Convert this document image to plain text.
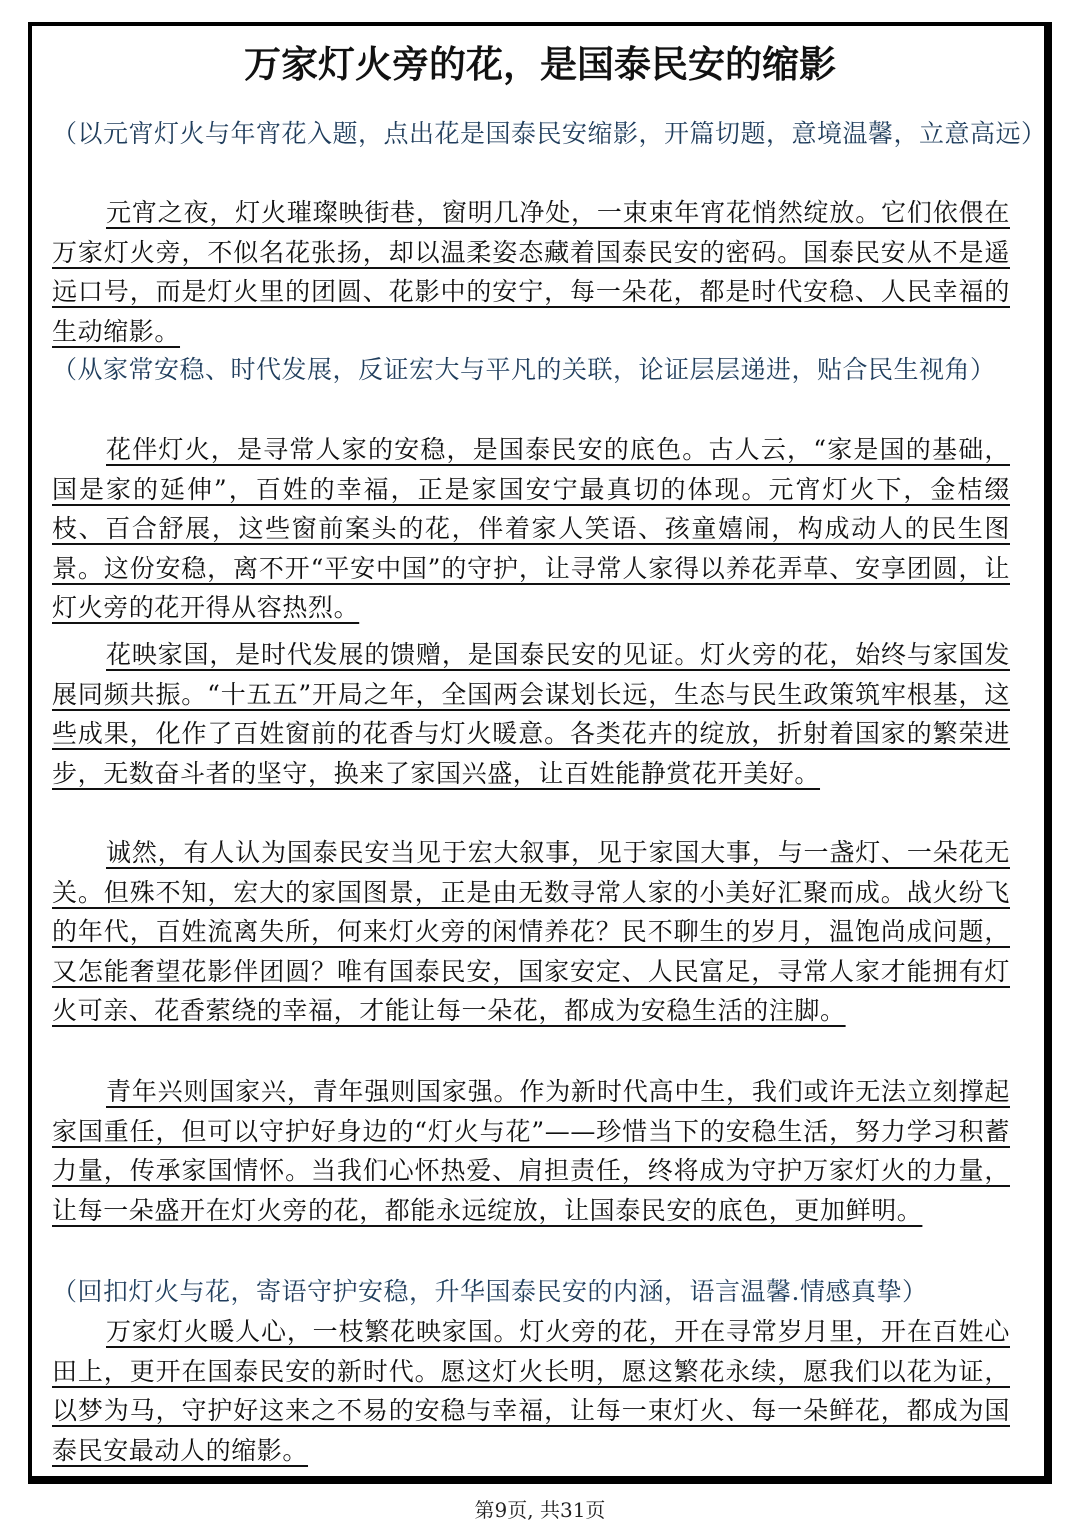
万家灯火旁的花，是国泰民安的缩影

（以元宵灯火与年宵花入题，点出花是国泰民安缩影，开篇切题，意境温馨，立意高远）

元宵之夜，灯火璀璨映街巷，窗明几净处，一束束年宵花悄然绽放。它们依偎在万家灯火旁，不似名花张扬，却以温柔姿态藏着国泰民安的密码。国泰民安从不是遥远口号，而是灯火里的团圆、花影中的安宁，每一朵花，都是时代安稳、人民幸福的生动缩影。

（从家常安稳、时代发展，反证宏大与平凡的关联，论证层层递进，贴合民生视角）

花伴灯火，是寻常人家的安稳，是国泰民安的底色。古人云，“家是国的基础，国是家的延伸”，百姓的幸福，正是家国安宁最真切的体现。元宵灯火下，金桔缀枝、百合舒展，这些窗前案头的花，伴着家人笑语、孩童嬉闹，构成动人的民生图景。这份安稳，离不开“平安中国”的守护，让寻常人家得以养花弄草、安享团圆，让灯火旁的花开得从容热烈。

花映家国，是时代发展的馈赠，是国泰民安的见证。灯火旁的花，始终与家国发展同频共振。“十五五”开局之年，全国两会谋划长远，生态与民生政策筑牢根基，这些成果，化作了百姓窗前的花香与灯火暖意。各类花卉的绽放，折射着国家的繁荣进步，无数奋斗者的坚守，换来了家国兴盛，让百姓能静赏花开美好。

诚然，有人认为国泰民安当见于宏大叙事，见于家国大事，与一盏灯、一朵花无关。但殊不知，宏大的家国图景，正是由无数寻常人家的小美好汇聚而成。战火纷飞的年代，百姓流离失所，何来灯火旁的闲情养花？民不聊生的岁月，温饱尚成问题，又怎能奢望花影伴团圆？唯有国泰民安，国家安定、人民富足，寻常人家才能拥有灯火可亲、花香萦绕的幸福，才能让每一朵花，都成为安稳生活的注脚。

青年兴则国家兴，青年强则国家强。作为新时代高中生，我们或许无法立刻撑起家国重任，但可以守护好身边的“灯火与花”——珍惜当下的安稳生活，努力学习积蓄力量，传承家国情怀。当我们心怀热爱、肩担责任，终将成为守护万家灯火的力量，让每一朵盛开在灯火旁的花，都能永远绽放，让国泰民安的底色，更加鲜明。

（回扣灯火与花，寄语守护安稳，升华国泰民安的内涵，语言温馨.情感真挚）

万家灯火暖人心，一枝繁花映家国。灯火旁的花，开在寻常岁月里，开在百姓心田上，更开在国泰民安的新时代。愿这灯火长明，愿这繁花永续，愿我们以花为证，以梦为马，守护好这来之不易的安稳与幸福，让每一束灯火、每一朵鲜花，都成为国泰民安最动人的缩影。

第9页, 共31页
